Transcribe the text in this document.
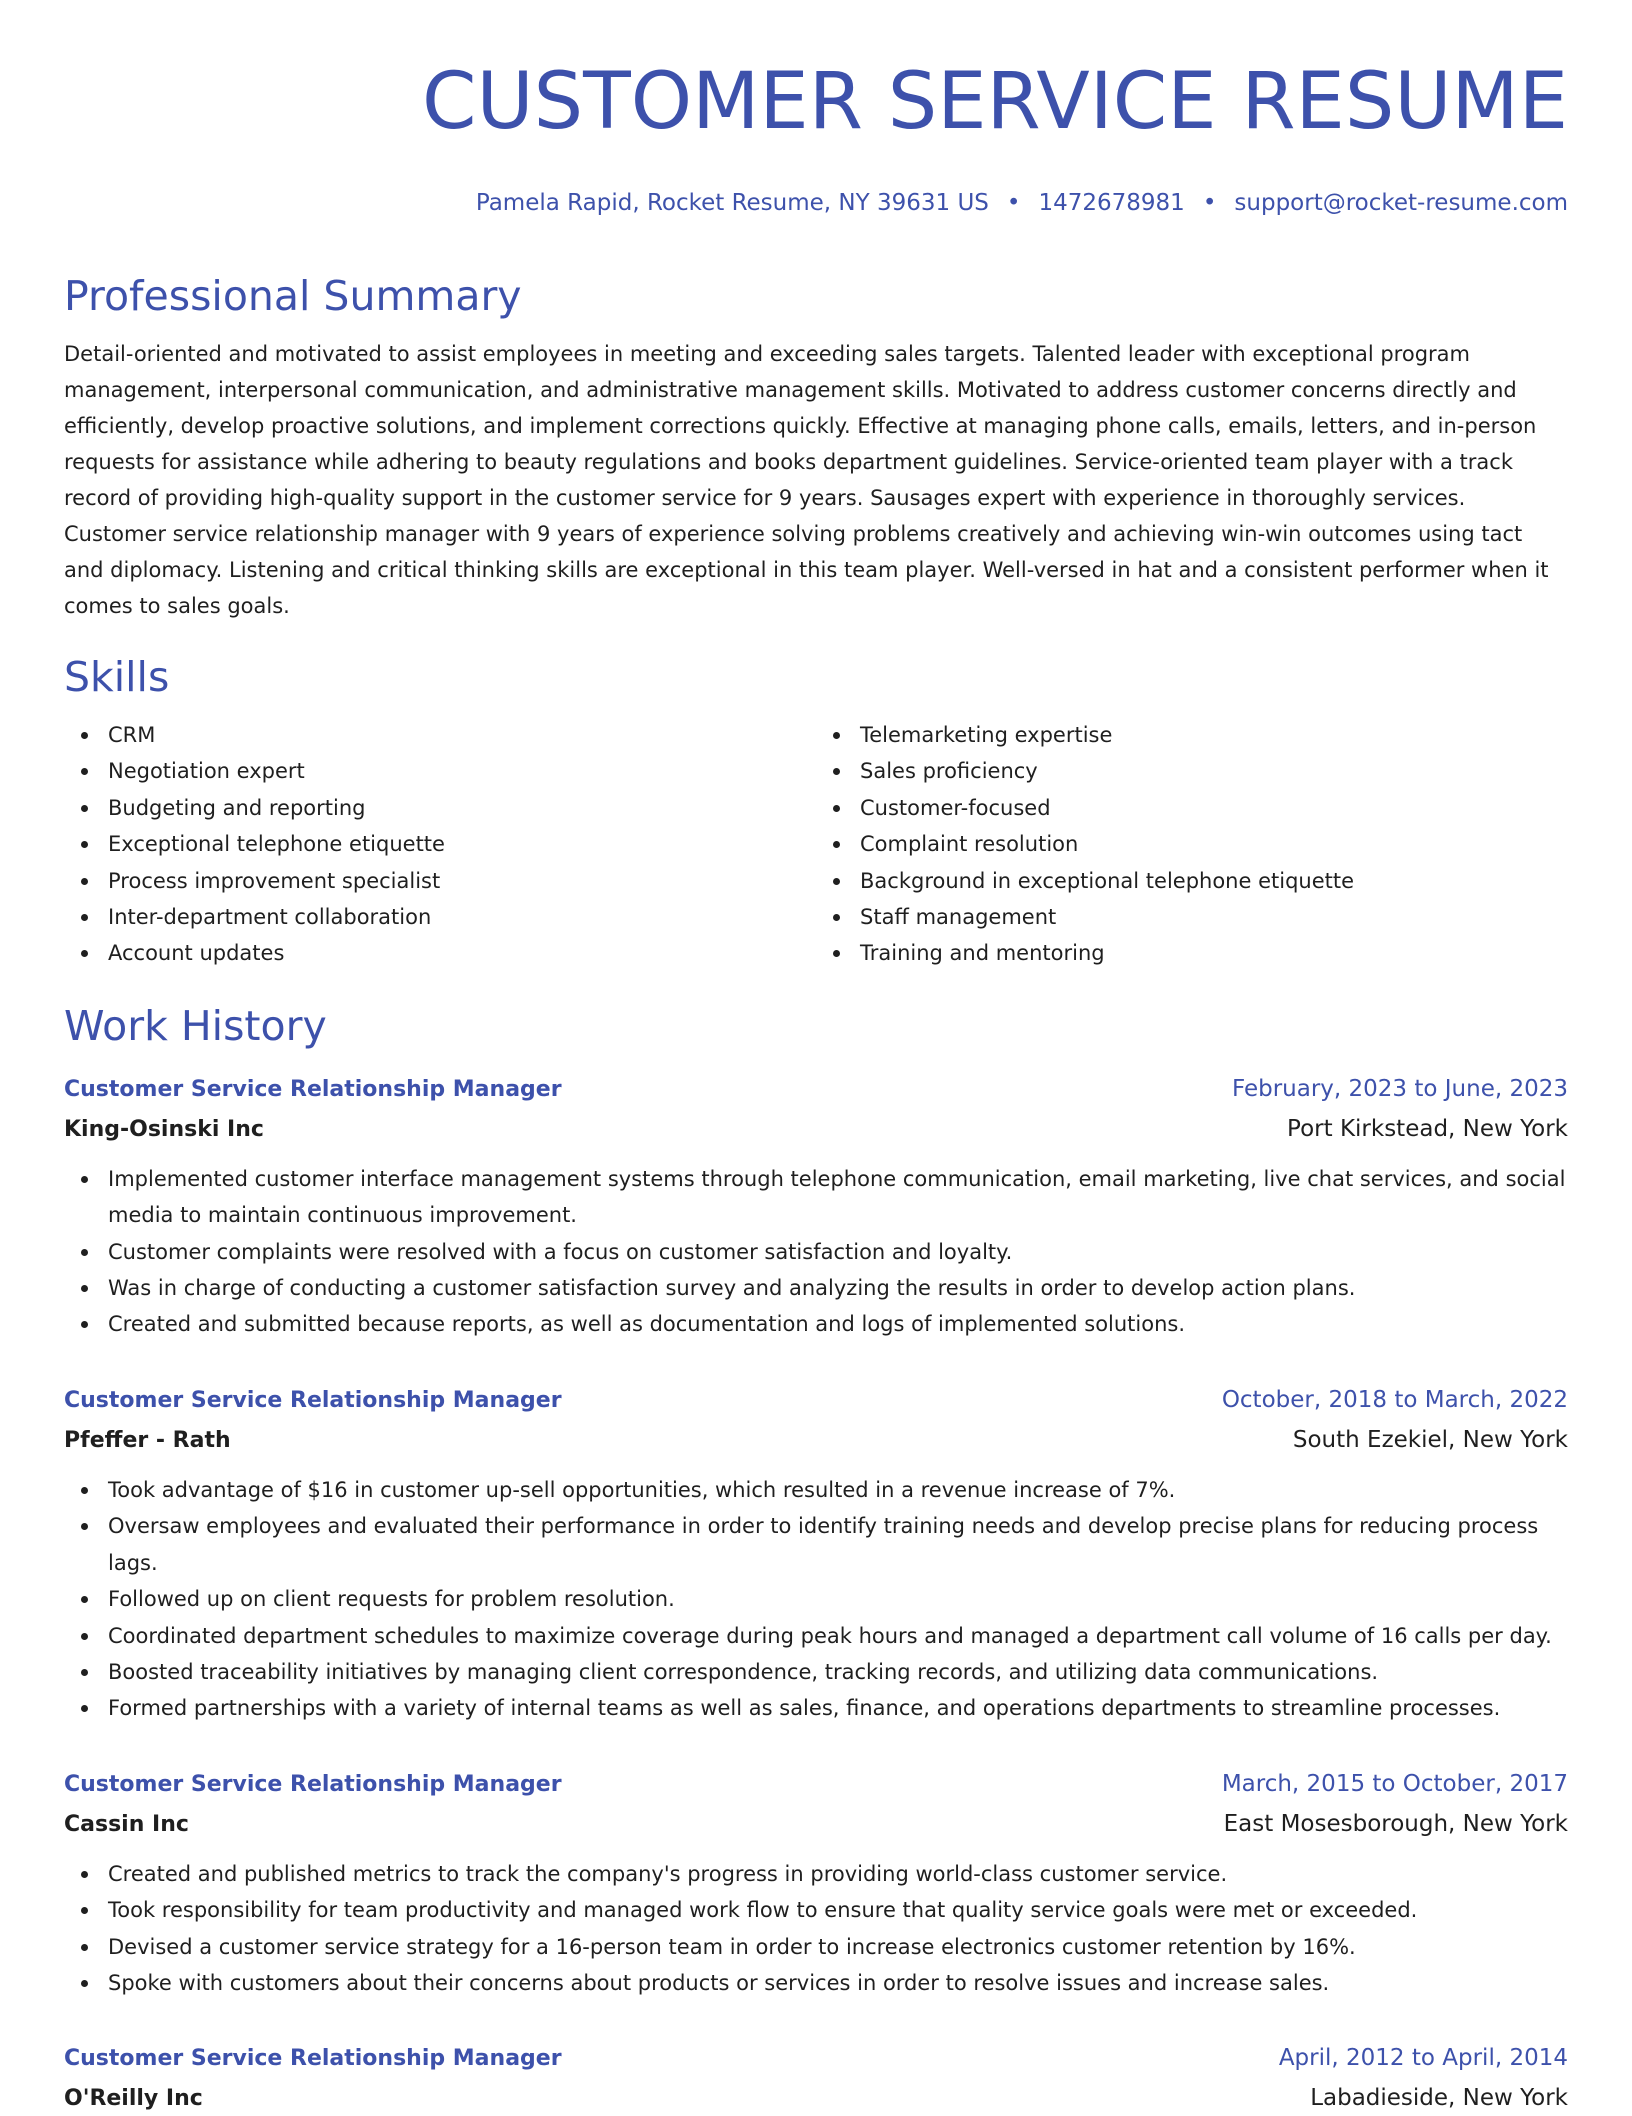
CUSTOMER SERVICE RESUME
Pamela Rapid, Rocket Resume, NY 39631 US • 1472678981 • support@rocket-resume.com
Professional Summary
Detail-oriented and motivated to assist employees in meeting and exceeding sales targets. Talented leader with exceptional program management, interpersonal communication, and administrative management skills. Motivated to address customer concerns directly and efficiently, develop proactive solutions, and implement corrections quickly. Effective at managing phone calls, emails, letters, and in-person requests for assistance while adhering to beauty regulations and books department guidelines. Service-oriented team player with a track record of providing high-quality support in the customer service for 9 years. Sausages expert with experience in thoroughly services. Customer service relationship manager with 9 years of experience solving problems creatively and achieving win-win outcomes using tact and diplomacy. Listening and critical thinking skills are exceptional in this team player. Well-versed in hat and a consistent performer when it comes to sales goals.
Skills
CRM
Negotiation expert
Budgeting and reporting
Exceptional telephone etiquette
Process improvement specialist
Inter-department collaboration
Account updates
Telemarketing expertise
Sales proficiency
Customer-focused
Complaint resolution
Background in exceptional telephone etiquette
Staff management
Training and mentoring
Work History
Customer Service Relationship Manager	February, 2023 to June, 2023
King-Osinski Inc	Port Kirkstead, New York
Implemented customer interface management systems through telephone communication, email marketing, live chat services, and social media to maintain continuous improvement.
Customer complaints were resolved with a focus on customer satisfaction and loyalty.
Was in charge of conducting a customer satisfaction survey and analyzing the results in order to develop action plans.
Created and submitted because reports, as well as documentation and logs of implemented solutions.
Customer Service Relationship Manager	October, 2018 to March, 2022
Pfeffer - Rath	South Ezekiel, New York
Took advantage of $16 in customer up-sell opportunities, which resulted in a revenue increase of 7%.
Oversaw employees and evaluated their performance in order to identify training needs and develop precise plans for reducing process lags.
Followed up on client requests for problem resolution.
Coordinated department schedules to maximize coverage during peak hours and managed a department call volume of 16 calls per day.
Boosted traceability initiatives by managing client correspondence, tracking records, and utilizing data communications.
Formed partnerships with a variety of internal teams as well as sales, finance, and operations departments to streamline processes.
Customer Service Relationship Manager	March, 2015 to October, 2017
Cassin Inc	East Mosesborough, New York
Created and published metrics to track the company's progress in providing world-class customer service.
Took responsibility for team productivity and managed work flow to ensure that quality service goals were met or exceeded.
Devised a customer service strategy for a 16-person team in order to increase electronics customer retention by 16%.
Spoke with customers about their concerns about products or services in order to resolve issues and increase sales.
Customer Service Relationship Manager	April, 2012 to April, 2014
O'Reilly Inc	Labadieside, New York
